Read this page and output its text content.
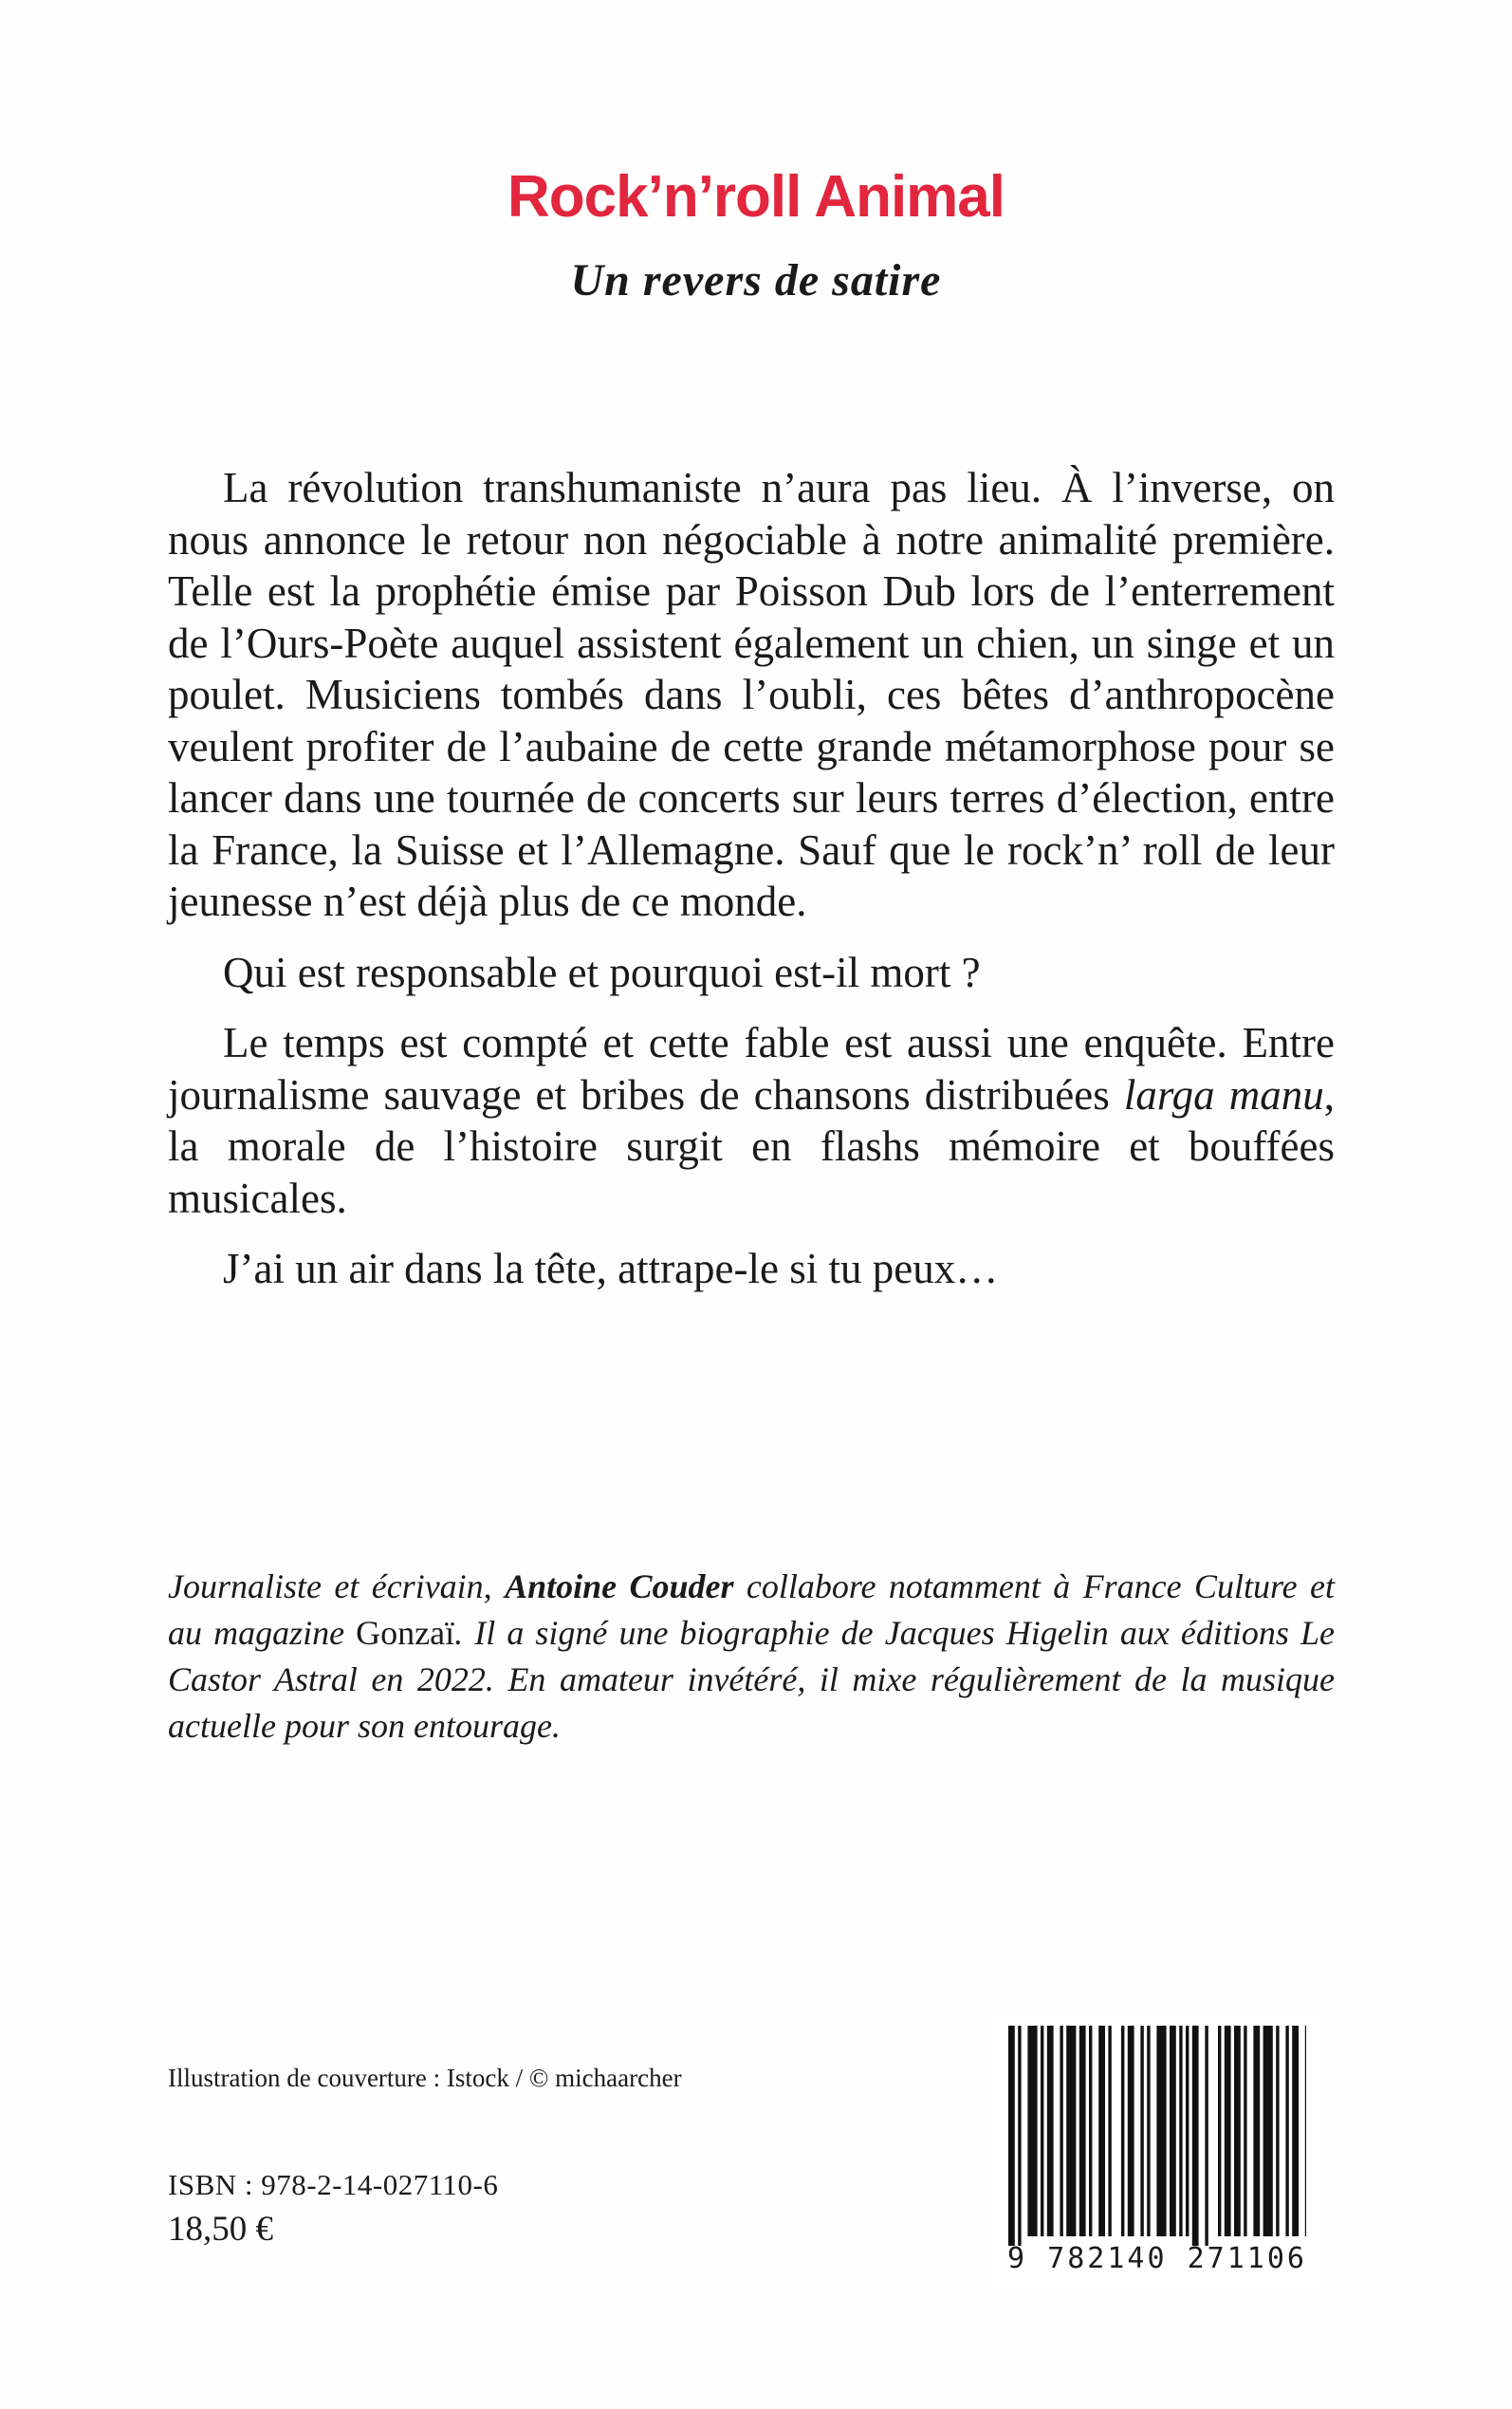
Rock’n’roll Animal
Un revers de satire

La révolution transhumaniste n’aura pas lieu. À l’inverse, on nous annonce le retour non négociable à notre animalité première. Telle est la prophétie émise par Poisson Dub lors de l’enterrement de l’Ours-Poète auquel assistent également un chien, un singe et un poulet. Musiciens tombés dans l’oubli, ces bêtes d’anthropocène veulent profiter de l’aubaine de cette grande métamorphose pour se lancer dans une tournée de concerts sur leurs terres d’élection, entre la France, la Suisse et l’Allemagne. Sauf que le rock’n’ roll de leur jeunesse n’est déjà plus de ce monde.

Qui est responsable et pourquoi est-il mort ?

Le temps est compté et cette fable est aussi une enquête. Entre journalisme sauvage et bribes de chansons distribuées larga manu, la morale de l’histoire surgit en flashs mémoire et bouffées musicales.

J’ai un air dans la tête, attrape-le si tu peux…

Journaliste et écrivain, Antoine Couder collabore notamment à France Culture et au magazine Gonzaï. Il a signé une biographie de Jacques Higelin aux éditions Le Castor Astral en 2022. En amateur invétéré, il mixe régulièrement de la musique actuelle pour son entourage.

Illustration de couverture : Istock / © michaarcher

ISBN : 978-2-14-027110-6

18,50 €

9 782140 271106
